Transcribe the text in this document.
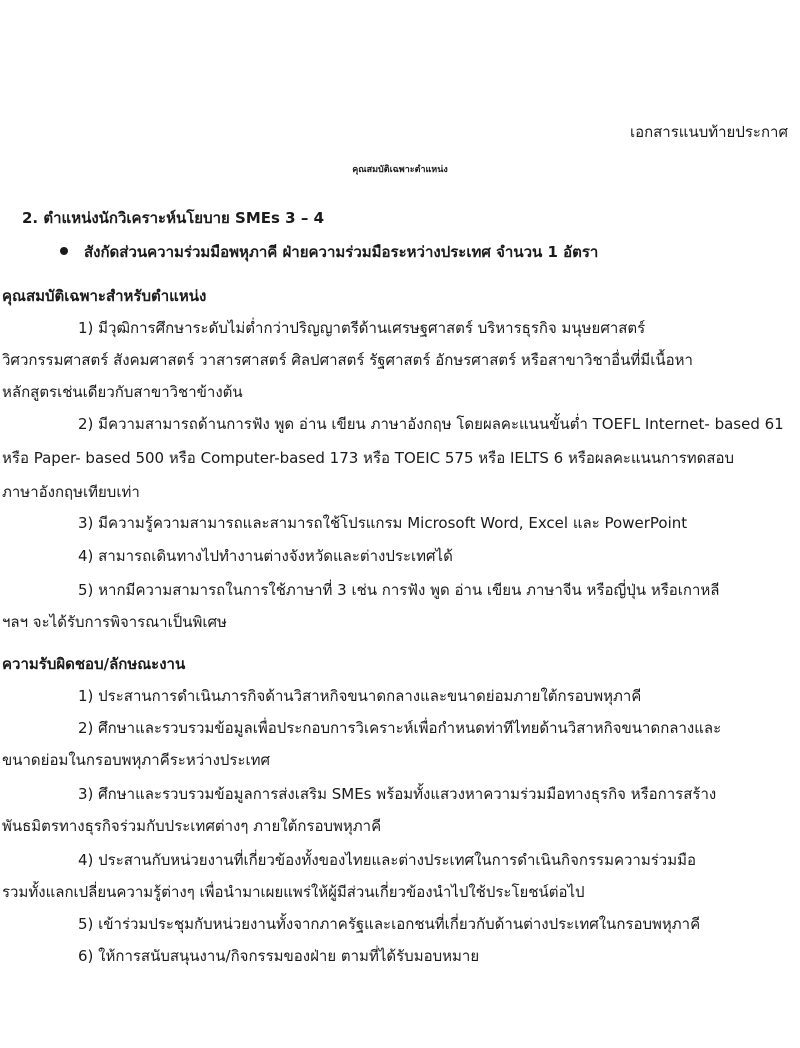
เอกสารแนบท้ายประกาศ
คุณสมบัติเฉพาะตำแหน่ง
2. ตำแหน่งนักวิเคราะห์นโยบาย SMEs 3 – 4
สังกัดส่วนความร่วมมือพหุภาคี ฝ่ายความร่วมมือระหว่างประเทศ จำนวน 1 อัตรา
คุณสมบัติเฉพาะสำหรับตำแหน่ง
1) มีวุฒิการศึกษาระดับไม่ต่ำกว่าปริญญาตรีด้านเศรษฐศาสตร์ บริหารธุรกิจ มนุษยศาสตร์
วิศวกรรมศาสตร์ สังคมศาสตร์ วาสารศาสตร์ ศิลปศาสตร์ รัฐศาสตร์ อักษรศาสตร์ หรือสาขาวิชาอื่นที่มีเนื้อหา
หลักสูตรเช่นเดียวกับสาขาวิชาข้างต้น
2) มีความสามารถด้านการฟัง พูด อ่าน เขียน ภาษาอังกฤษ โดยผลคะแนนขั้นต่ำ TOEFL Internet- based 61
หรือ Paper- based 500 หรือ Computer-based 173 หรือ TOEIC 575 หรือ IELTS 6 หรือผลคะแนนการทดสอบ
ภาษาอังกฤษเทียบเท่า
3) มีความรู้ความสามารถและสามารถใช้โปรแกรม Microsoft Word, Excel และ PowerPoint
4) สามารถเดินทางไปทำงานต่างจังหวัดและต่างประเทศได้
5) หากมีความสามารถในการใช้ภาษาที่ 3 เช่น การฟัง พูด อ่าน เขียน ภาษาจีน หรือญี่ปุ่น หรือเกาหลี
ฯลฯ จะได้รับการพิจารณาเป็นพิเศษ
ความรับผิดชอบ/ลักษณะงาน
1) ประสานการดำเนินภารกิจด้านวิสาหกิจขนาดกลางและขนาดย่อมภายใต้กรอบพหุภาคี
2) ศึกษาและรวบรวมข้อมูลเพื่อประกอบการวิเคราะห์เพื่อกำหนดท่าทีไทยด้านวิสาหกิจขนาดกลางและ
ขนาดย่อมในกรอบพหุภาคีระหว่างประเทศ
3) ศึกษาและรวบรวมข้อมูลการส่งเสริม SMEs พร้อมทั้งแสวงหาความร่วมมือทางธุรกิจ หรือการสร้าง
พันธมิตรทางธุรกิจร่วมกับประเทศต่างๆ ภายใต้กรอบพหุภาคี
4) ประสานกับหน่วยงานที่เกี่ยวข้องทั้งของไทยและต่างประเทศในการดำเนินกิจกรรมความร่วมมือ
รวมทั้งแลกเปลี่ยนความรู้ต่างๆ เพื่อนำมาเผยแพร่ให้ผู้มีส่วนเกี่ยวข้องนำไปใช้ประโยชน์ต่อไป
5) เข้าร่วมประชุมกับหน่วยงานทั้งจากภาครัฐและเอกชนที่เกี่ยวกับด้านต่างประเทศในกรอบพหุภาคี
6) ให้การสนับสนุนงาน/กิจกรรมของฝ่าย ตามที่ได้รับมอบหมาย
